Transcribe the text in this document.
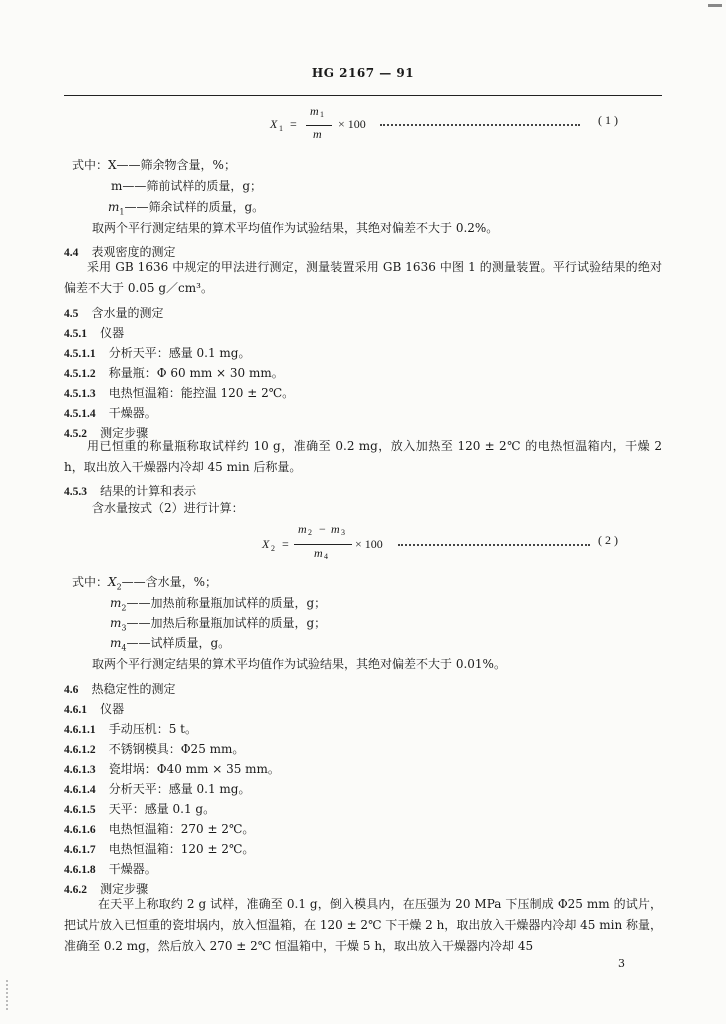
HG 2167 — 91
X 1 =
m 1
m
× 100	( 1 )
式中：X——筛余物含量，%；
m——筛前试样的质量，g；
$m_1——$筛余试样的质量，g。
取两个平行测定结果的算术平均值作为试验结果，其绝对偏差不大于 0.2%。
4.4 表观密度的测定
采用 GB 1636 中规定的甲法进行测定，测量装置采用 GB 1636 中图 1 的测量装置。平行试验结果的绝对偏差不大于 0.05 g／cm³。
4.5 含水量的测定
4.5.1 仪器
4.5.1.1 分析天平：感量 0.1 mg。
4.5.1.2 称量瓶：Φ 60 mm × 30 mm。
4.5.1.3 电热恒温箱：能控温 120 ± 2℃。
4.5.1.4 干燥器。
4.5.2 测定步骤
用已恒重的称量瓶称取试样约 10 g，准确至 0.2 mg，放入加热至 120 ± 2℃ 的电热恒温箱内，干燥 2 h，取出放入干燥器内冷却 45 min 后称量。
4.5.3 结果的计算和表示
含水量按式（2）进行计算：
X 2 =
m 2 − m 3
m 4
× 100	( 2 )
式中：$X_2——$含水量，%；
$m_2——$加热前称量瓶加试样的质量，g；
$m_3——$加热后称量瓶加试样的质量，g；
$m_4——$试样质量，g。
取两个平行测定结果的算术平均值作为试验结果，其绝对偏差不大于 0.01%。
4.6 热稳定性的测定
4.6.1 仪器
4.6.1.1 手动压机：5 t。
4.6.1.2 不锈钢模具：Φ25 mm。
4.6.1.3 瓷坩埚：Φ40 mm × 35 mm。
4.6.1.4 分析天平：感量 0.1 mg。
4.6.1.5 天平：感量 0.1 g。
4.6.1.6 电热恒温箱：270 ± 2℃。
4.6.1.7 电热恒温箱：120 ± 2℃。
4.6.1.8 干燥器。
4.6.2 测定步骤
在天平上称取约 2 g 试样，准确至 0.1 g，倒入模具内，在压强为 20 MPa 下压制成 Φ25 mm 的试片，把试片放入已恒重的瓷坩埚内，放入恒温箱，在 120 ± 2℃ 下干燥 2 h，取出放入干燥器内冷却 45 min 称量，准确至 0.2 mg，然后放入 270 ± 2℃ 恒温箱中，干燥 5 h，取出放入干燥器内冷却 45
3
